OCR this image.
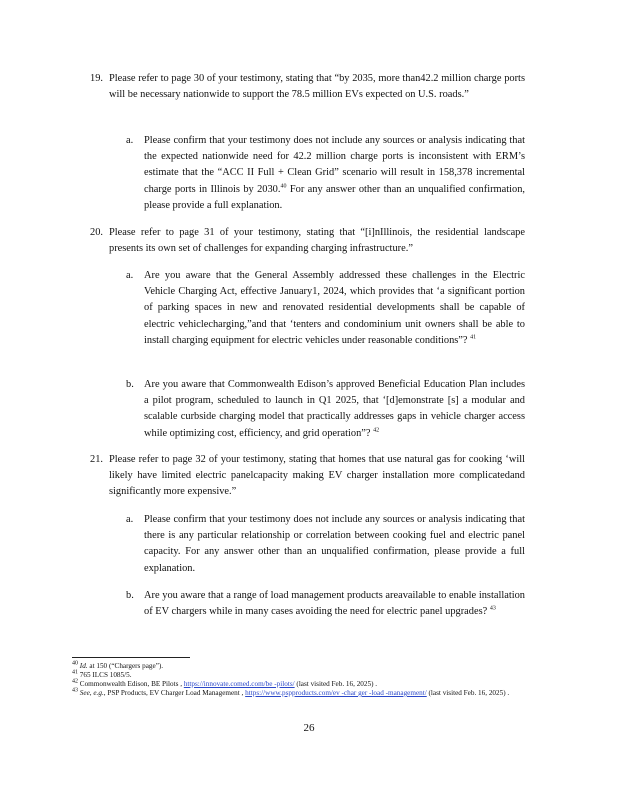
19. Please refer to page 30 of your testimony, stating that “by 2035, more than42.2 million charge ports will be necessary nationwide to support the 78.5 million EVs expected on U.S. roads.”
a.	Please confirm that your testimony does not include any sources or analysis indicating that the expected nationwide need for 42.2 million charge ports is inconsistent with ERM’s estimate that the “ACC II Full + Clean Grid” scenario will result in 158,378 incremental charge ports in Illinois by 2030.40 For any answer other than an unqualified confirmation, please provide a full explanation.
20. Please refer to page 31 of your testimony, stating that “[i]nIllinois, the residential landscape presents its own set of challenges for expanding charging infrastructure.”
a.	Are you aware that the General Assembly addressed these challenges in the Electric Vehicle Charging Act, effective January1, 2024, which provides that ‘a significant portion of parking spaces in new and renovated residential developments shall be capable of electric vehiclecharging,”and that ‘tenters and condominium unit owners shall be able to install charging equipment for electric vehicles under reasonable conditions”? $^{41}$
b. Are you aware that Commonwealth Edison’s approved Beneficial Education Plan includes a pilot program, scheduled to launch in Q1 2025, that ‘[d]emonstrate [s] a modular and scalable curbside charging model that practically addresses gaps in vehicle charger access while optimizing cost, efficiency, and grid operation”? $^{42}$
21. Please refer to page 32 of your testimony, stating that homes that use natural gas for cooking ‘will likely have limited electric panelcapacity making EV charger installation more complicatedand significantly more expensive.”
a.	Please confirm that your testimony does not include any sources or analysis indicating that there is any particular relationship or correlation between cooking fuel and electric panel capacity. For any answer other than an unqualified confirmation, please provide a full explanation.
b. Are you aware that a range of load management products areavailable to enable installation of EV chargers while in many cases avoiding the need for electric panel upgrades? $^{43}$
$^{40}$ Id. at 150 (“Chargers page”).
$^{41}$ 765 ILCS 1085/5.
$^{42}$ Commonwealth Edison, BE Pilots , https://innovate.comed.com/be -pilots/ (last visited Feb. 16, 2025) .
$^{43}$ See, e.g., PSP Products, EV Charger Load Management , https://www.pspproducts.com/ev -char ger -load -management/ (last visited Feb. 16, 2025) .
26
